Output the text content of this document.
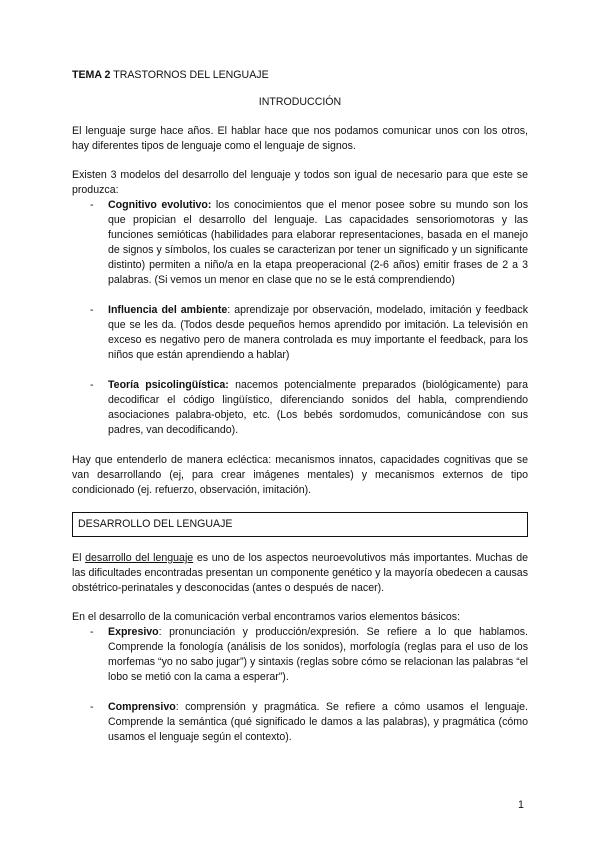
TEMA 2 TRASTORNOS DEL LENGUAJE
INTRODUCCIÓN

El lenguaje surge hace años. El hablar hace que nos podamos comunicar unos con los otros, hay diferentes tipos de lenguaje como el lenguaje de signos.

Existen 3 modelos del desarrollo del lenguaje y todos son igual de necesario para que este se produzca:

- Cognitivo evolutivo: los conocimientos que el menor posee sobre su mundo son los que propician el desarrollo del lenguaje. Las capacidades sensoriomotoras y las funciones semióticas (habilidades para elaborar representaciones, basada en el manejo de signos y símbolos, los cuales se caracterizan por tener un significado y un significante distinto) permiten a niño/a en la etapa preoperacional (2-6 años) emitir frases de 2 a 3 palabras. (Si vemos un menor en clase que no se le está comprendiendo)
- Influencia del ambiente: aprendizaje por observación, modelado, imitación y feedback que se les da. (Todos desde pequeños hemos aprendido por imitación. La televisión en exceso es negativo pero de manera controlada es muy importante el feedback, para los niños que están aprendiendo a hablar)
- Teoría psicolingüística: nacemos potencialmente preparados (biológicamente) para decodificar el código lingüístico, diferenciando sonidos del habla, comprendiendo asociaciones palabra-objeto, etc. (Los bebés sordomudos, comunicándose con sus padres, van decodificando).

Hay que entenderlo de manera ecléctica: mecanismos innatos, capacidades cognitivas que se van desarrollando (ej, para crear imágenes mentales) y mecanismos externos de tipo condicionado (ej. refuerzo, observación, imitación).

DESARROLLO DEL LENGUAJE

El desarrollo del lenguaje es uno de los aspectos neuroevolutivos más importantes. Muchas de las dificultades encontradas presentan un componente genético y la mayoría obedecen a causas obstétrico-perinatales y desconocidas (antes o después de nacer).

En el desarrollo de la comunicación verbal encontramos varios elementos básicos:

- Expresivo: pronunciación y producción/expresión. Se refiere a lo que hablamos. Comprende la fonología (análisis de los sonidos), morfología (reglas para el uso de los morfemas “yo no sabo jugar”) y sintaxis (reglas sobre cómo se relacionan las palabras “el lobo se metió con la cama a esperar”).
- Comprensivo: comprensión y pragmática. Se refiere a cómo usamos el lenguaje. Comprende la semántica (qué significado le damos a las palabras), y pragmática (cómo usamos el lenguaje según el contexto).
1
